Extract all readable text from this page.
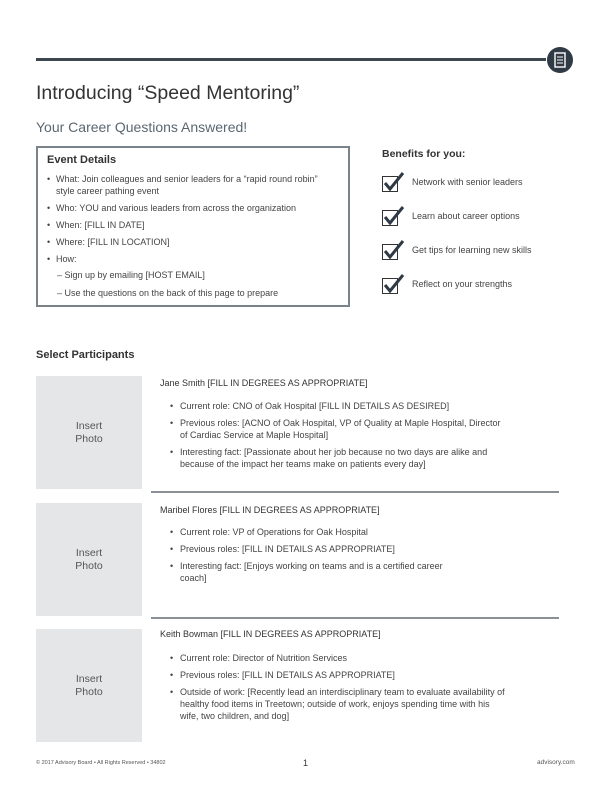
Introducing “Speed Mentoring”
Your Career Questions Answered!
Event Details
• What: Join colleagues and senior leaders for a “rapid round robin” style career pathing event
• Who: YOU and various leaders from across the organization
• When: [FILL IN DATE]
• Where: [FILL IN LOCATION]
• How:
– Sign up by emailing [HOST EMAIL]
– Use the questions on the back of this page to prepare
Benefits for you:
Network with senior leaders
Learn about career options
Get tips for learning new skills
Reflect on your strengths
Select Participants
Insert
Photo
Jane Smith [FILL IN DEGREES AS APPROPRIATE]
• Current role: CNO of Oak Hospital [FILL IN DETAILS AS DESIRED]
• Previous roles: [ACNO of Oak Hospital, VP of Quality at Maple Hospital, Director of Cardiac Service at Maple Hospital]
• Interesting fact: [Passionate about her job because no two days are alike and because of the impact her teams make on patients every day]
Insert
Photo
Maribel Flores [FILL IN DEGREES AS APPROPRIATE]
• Current role: VP of Operations for Oak Hospital
• Previous roles: [FILL IN DETAILS AS APPROPRIATE]
• Interesting fact: [Enjoys working on teams and is a certified career coach]
Insert
Photo
Keith Bowman [FILL IN DEGREES AS APPROPRIATE]
• Current role: Director of Nutrition Services
• Previous roles: [FILL IN DETAILS AS APPROPRIATE]
• Outside of work: [Recently lead an interdisciplinary team to evaluate availability of healthy food items in Treetown; outside of work, enjoys spending time with his wife, two children, and dog]
© 2017 Advisory Board • All Rights Reserved • 34802	1	advisory.com
